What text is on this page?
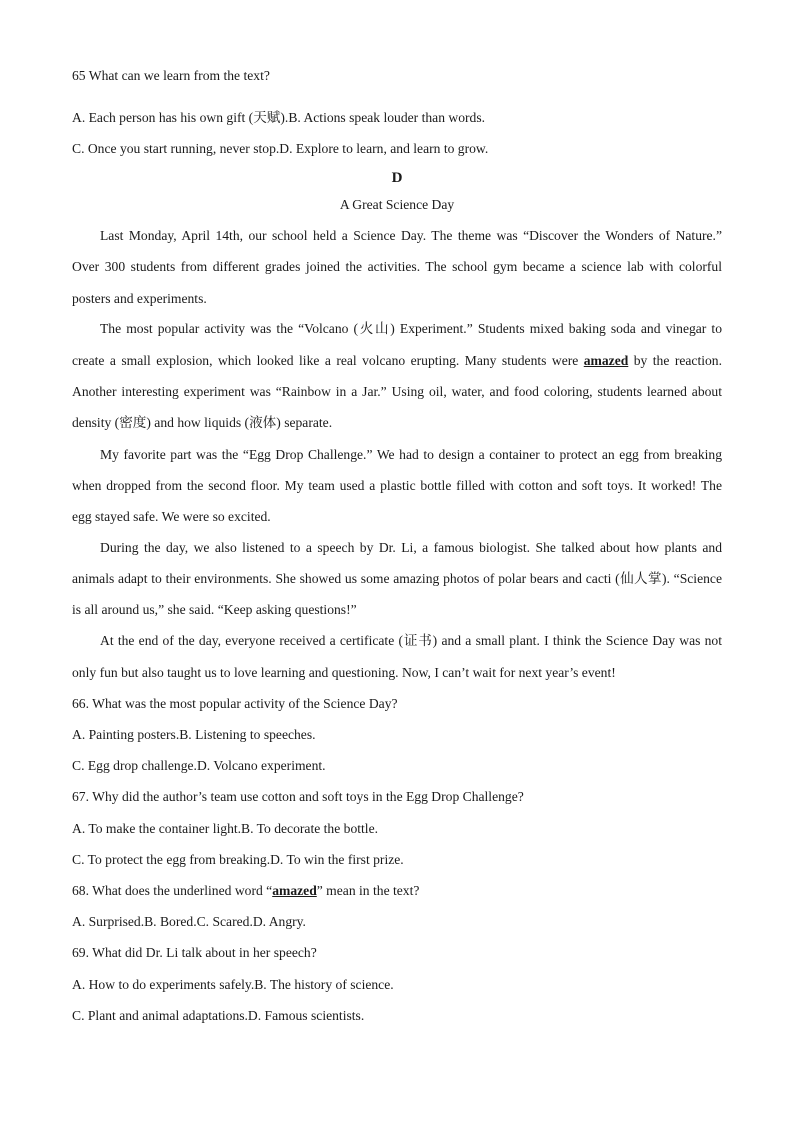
65 What can we learn from the text?
A. Each person has his own gift (天赋).B. Actions speak louder than words.
C. Once you start running, never stop.D. Explore to learn, and learn to grow.
D
A Great Science Day
Last Monday, April 14th, our school held a Science Day. The theme was “Discover the Wonders of Nature.”
Over 300 students from different grades joined the activities. The school gym became a science lab with colorful
posters and experiments.
The most popular activity was the “Volcano (火山) Experiment.” Students mixed baking soda and vinegar to
create a small explosion, which looked like a real volcano erupting. Many students were amazed by the reaction.
Another interesting experiment was “Rainbow in a Jar.” Using oil, water, and food coloring, students learned about
density (密度) and how liquids (液体) separate.
My favorite part was the “Egg Drop Challenge.” We had to design a container to protect an egg from breaking
when dropped from the second floor. My team used a plastic bottle filled with cotton and soft toys. It worked! The
egg stayed safe. We were so excited.
During the day, we also listened to a speech by Dr. Li, a famous biologist. She talked about how plants and
animals adapt to their environments. She showed us some amazing photos of polar bears and cacti (仙人掌). “Science
is all around us,” she said. “Keep asking questions!”
At the end of the day, everyone received a certificate (证书) and a small plant. I think the Science Day was not
only fun but also taught us to love learning and questioning. Now, I can’t wait for next year’s event!
66. What was the most popular activity of the Science Day?
A. Painting posters.B. Listening to speeches.
C. Egg drop challenge.D. Volcano experiment.
67. Why did the author’s team use cotton and soft toys in the Egg Drop Challenge?
A. To make the container light.B. To decorate the bottle.
C. To protect the egg from breaking.D. To win the first prize.
68. What does the underlined word “amazed” mean in the text?
A. Surprised.B. Bored.C. Scared.D. Angry.
69. What did Dr. Li talk about in her speech?
A. How to do experiments safely.B. The history of science.
C. Plant and animal adaptations.D. Famous scientists.
